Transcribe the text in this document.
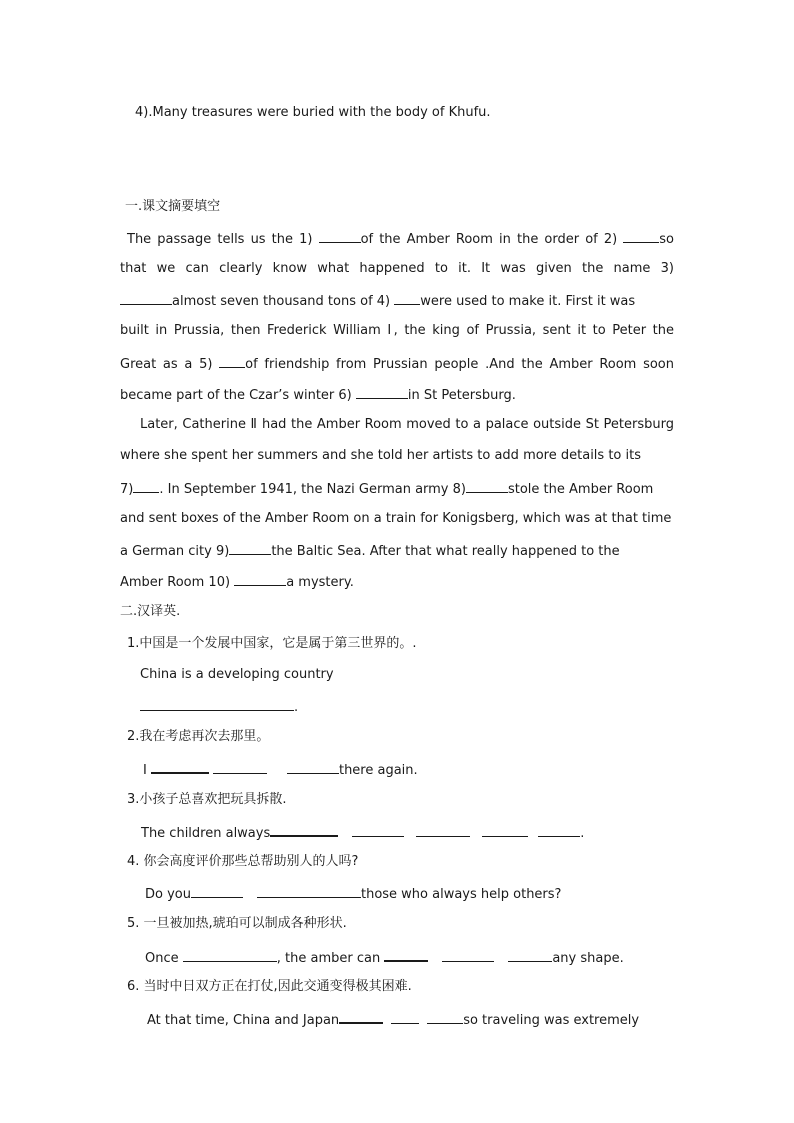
4).Many treasures were buried with the body of Khufu.
一.课文摘要填空
The passage tells us the 1)	of the Amber Room in the order of 2)	so
that we can clearly know what happened to it. It was given the name 3)
almost seven thousand tons of 4) were used to make it. First it was
built in Prussia, then Frederick William Ⅰ, the king of Prussia, sent it to Peter the
Great as a 5) of friendship from Prussian people .And the Amber Room soon
became part of the Czar’s winter 6)	in St Petersburg.
Later, Catherine Ⅱ had the Amber Room moved to a palace outside St Petersburg
where she spent her summers and she told her artists to add more details to its
7) . In September 1941, the Nazi German army 8)	stole the Amber Room
and sent boxes of the Amber Room on a train for Konigsberg, which was at that time
a German city 9)	the Baltic Sea. After that what really happened to the
Amber Room 10)	a mystery.
二.汉译英.
1.中国是一个发展中国家，它是属于第三世界的。.
China is a developing country
.
2.我在考虑再次去那里。
I	there again.
3.小孩子总喜欢把玩具拆散.
The children always	.
4. 你会高度评价那些总帮助别人的人吗?
Do you	those who always help others?
5. 一旦被加热,琥珀可以制成各种形状.
Once	, the amber can	any shape.
6. 当时中日双方正在打仗,因此交通变得极其困难.
At that time, China and Japan	so traveling was extremely
